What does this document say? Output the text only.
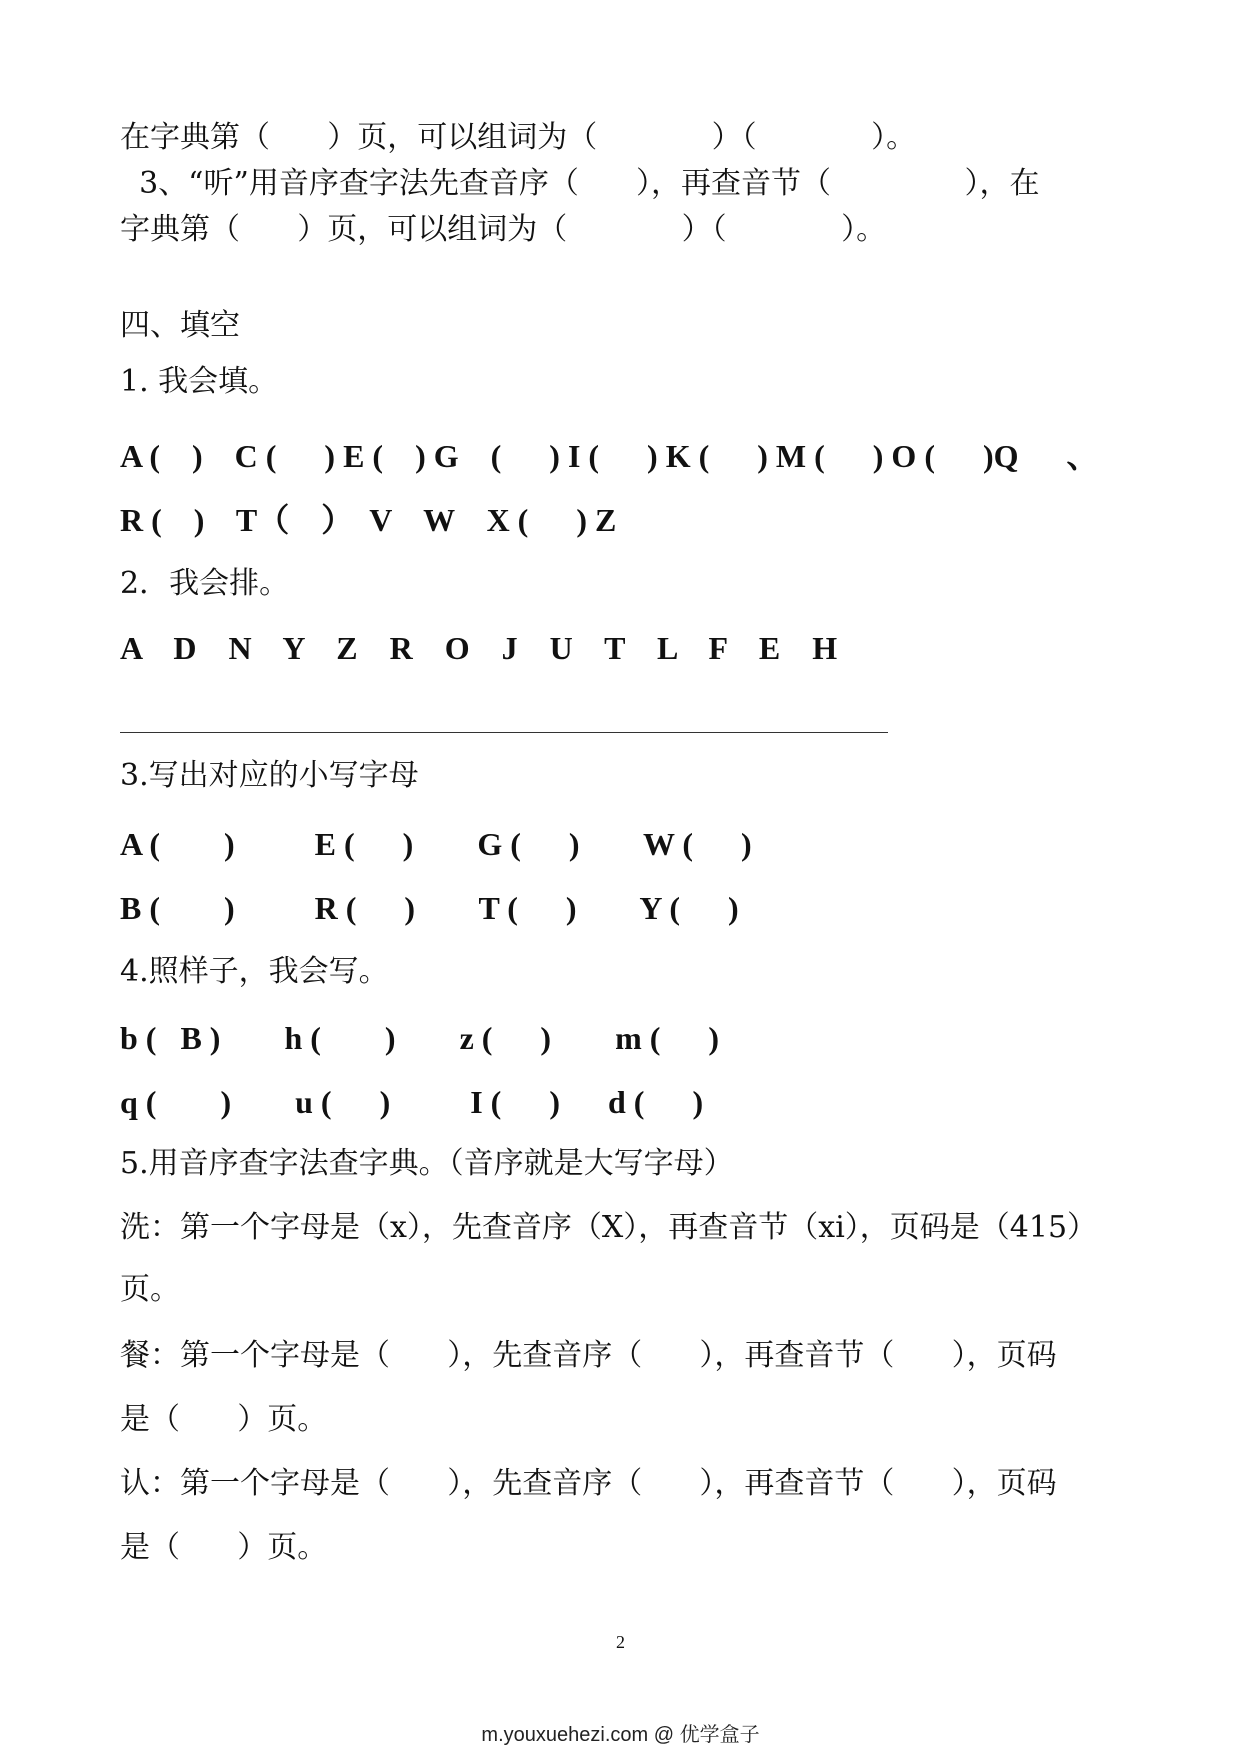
在字典第（      ）页，可以组词为（            ）（            ）。

3、“听”用音序查字法先查音序（      ），再查音节（              ），在

字典第（      ）页，可以组词为（            ）（            ）。

四、填空

1. 我会填。

A (    )    C (      ) E (    ) G    (      ) I (      ) K (      ) M (      ) O (      )Q      、

R (    )    T（    ）  V    W    X (      ) Z

2．我会排。

A    D    N    Y    Z    R    O    J    U    T    L    F    E    H

3.写出对应的小写字母

A (        )          E (      )        G (      )        W (      )

B (        )          R (      )        T (      )        Y (      )

4.照样子，我会写。

b (   B )        h (        )        z (      )        m (      )

q (        )        u (      )          I (      )      d (      )

5.用音序查字法查字典。（音序就是大写字母）

洗：第一个字母是（x），先查音序（X），再查音节（xi），页码是（415）

页。

餐：第一个字母是（      ），先查音序（      ），再查音节（      ），页码

是（      ）页。

认：第一个字母是（      ），先查音序（      ），再查音节（      ），页码

是（      ）页。

2
m.youxuehezi.com @ 优学盒子
